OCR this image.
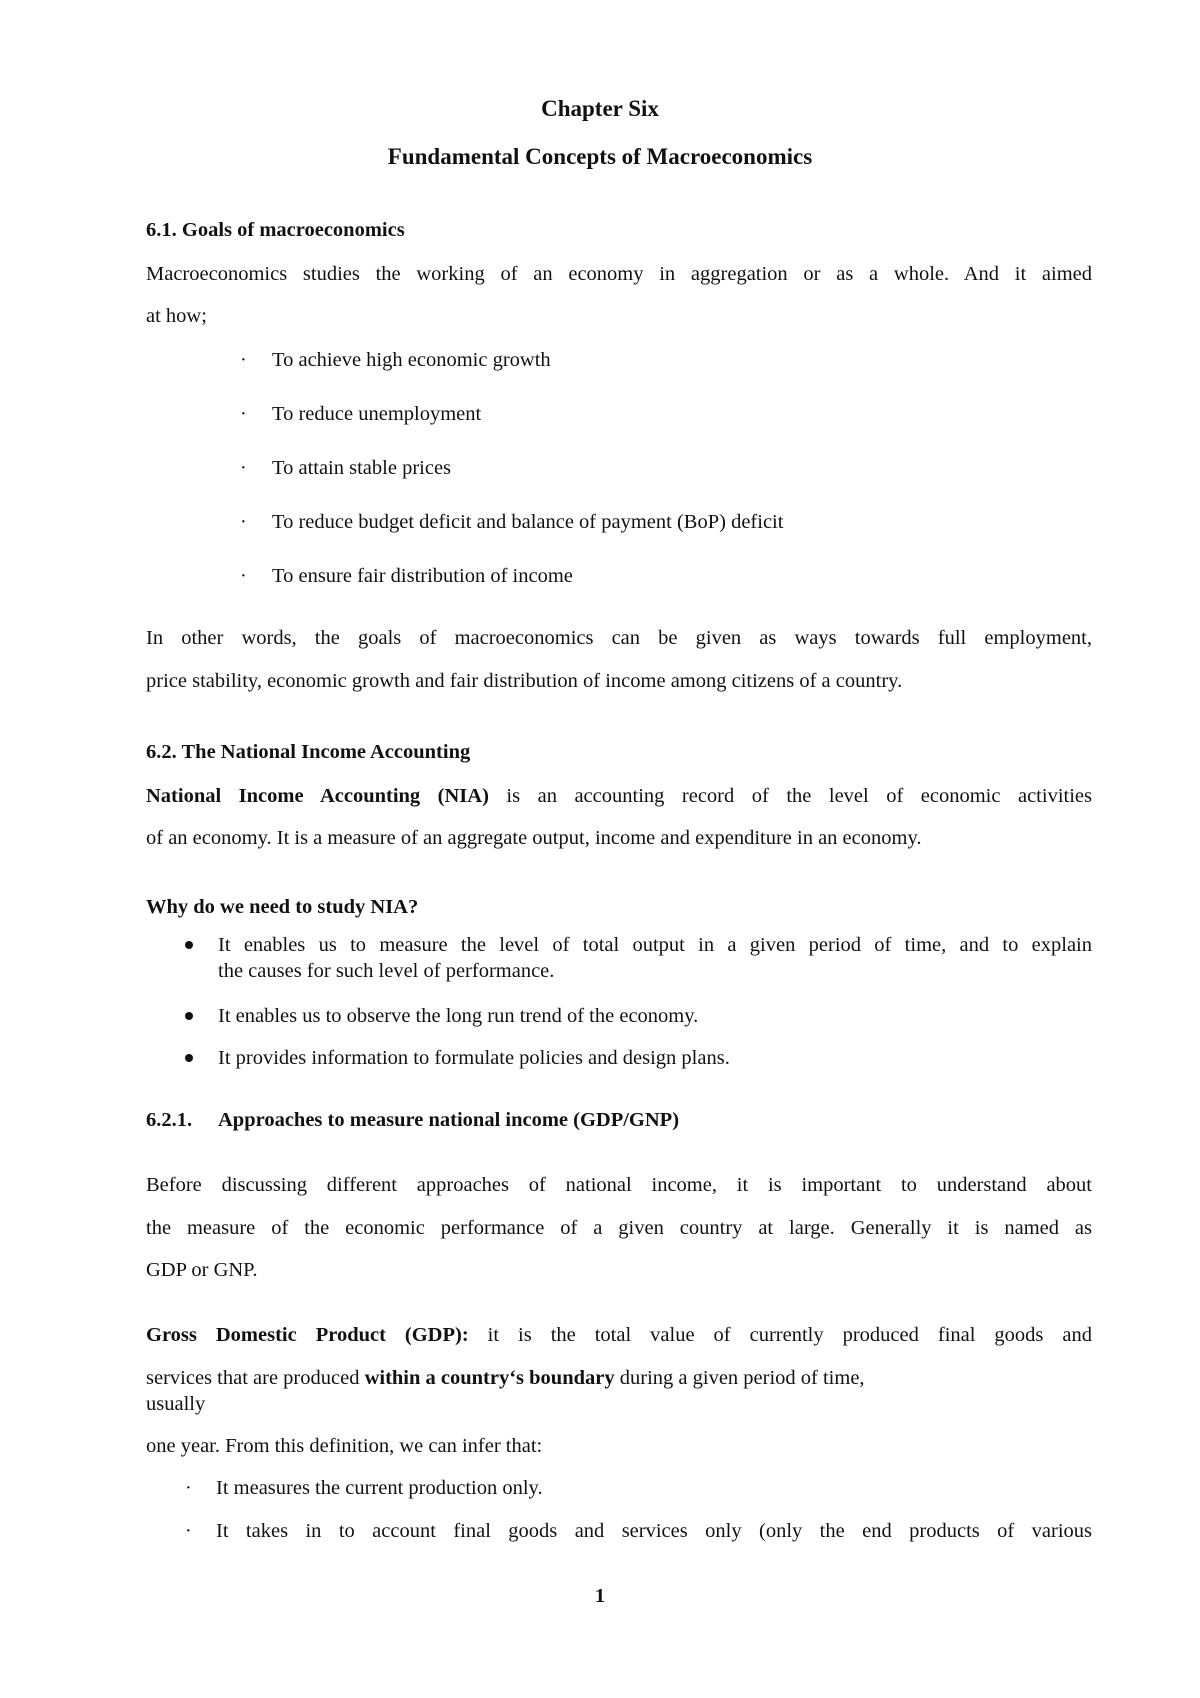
Chapter Six
Fundamental Concepts of Macroeconomics
6.1. Goals of macroeconomics
Macroeconomics studies the working of an economy in aggregation or as a whole. And it aimed
at how;
· To achieve high economic growth
· To reduce unemployment
· To attain stable prices
· To reduce budget deficit and balance of payment (BoP) deficit
· To ensure fair distribution of income
In other words, the goals of macroeconomics can be given as ways towards full employment,
price stability, economic growth and fair distribution of income among citizens of a country.
6.2. The National Income Accounting
National Income Accounting (NIA) is an accounting record of the level of economic activities
of an economy. It is a measure of an aggregate output, income and expenditure in an economy.
Why do we need to study NIA?
It enables us to measure the level of total output in a given period of time, and to explain
the causes for such level of performance.
It enables us to observe the long run trend of the economy.
It provides information to formulate policies and design plans.
6.2.1. Approaches to measure national income (GDP/GNP)
Before discussing different approaches of national income, it is important to understand about
the measure of the economic performance of a given country at large. Generally it is named as
GDP or GNP.
Gross Domestic Product (GDP): it is the total value of currently produced final goods and
services that are produced within a country‘s boundary during a given period of time,
usually
one year. From this definition, we can infer that:
· It measures the current production only.
· It takes in to account final goods and services only (only the end products of various
1
